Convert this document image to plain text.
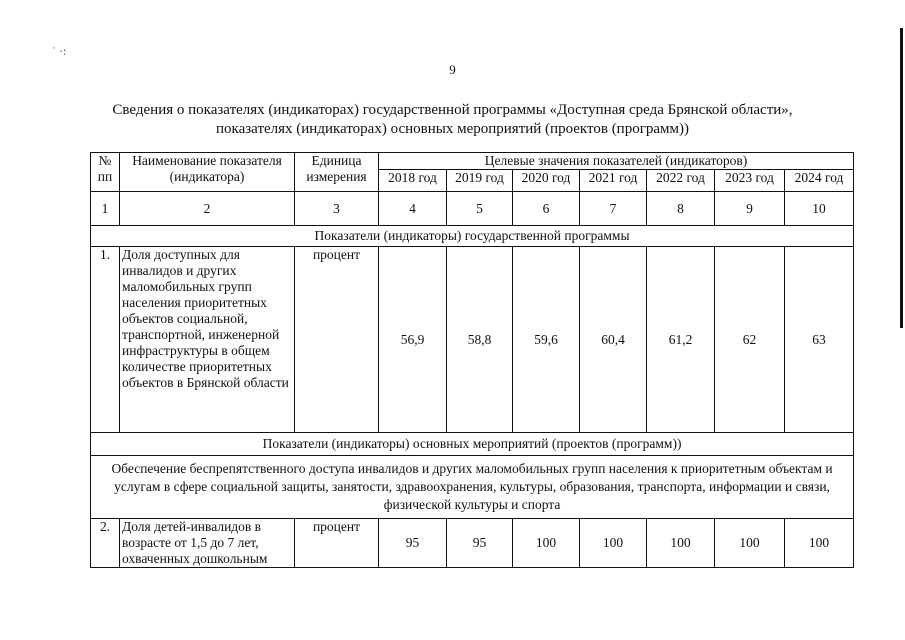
˙ ·:
9
Сведения о показателях (индикаторах) государственной программы «Доступная среда Брянской области»,
показателях (индикаторах) основных мероприятий (проектов (программ))
№ пп	Наименование показателя (индикатора)	Единица измерения	Целевые значения показателей (индикаторов)						
			2018 год	2019 год	2020 год	2021 год	2022 год	2023 год	2024 год
1	2	3	4	5	6	7	8	9	10
Показатели (индикаторы) государственной программы									
1.	Доля доступных для инвалидов и других маломобильных групп населения приоритетных объектов социальной, транспортной, инженерной инфраструктуры в общем количестве приоритетных объектов в Брянской области	процент	56,9	58,8	59,6	60,4	61,2	62	63
Показатели (индикаторы) основных мероприятий (проектов (программ))									
Обеспечение беспрепятственного доступа инвалидов и других маломобильных групп населения к приоритетным объектам и услугам в сфере социальной защиты, занятости, здравоохранения, культуры, образования, транспорта, информации и связи, физической культуры и спорта									
2.	Доля детей-инвалидов в возрасте от 1,5 до 7 лет, охваченных дошкольным	процент	95	95	100	100	100	100	100
